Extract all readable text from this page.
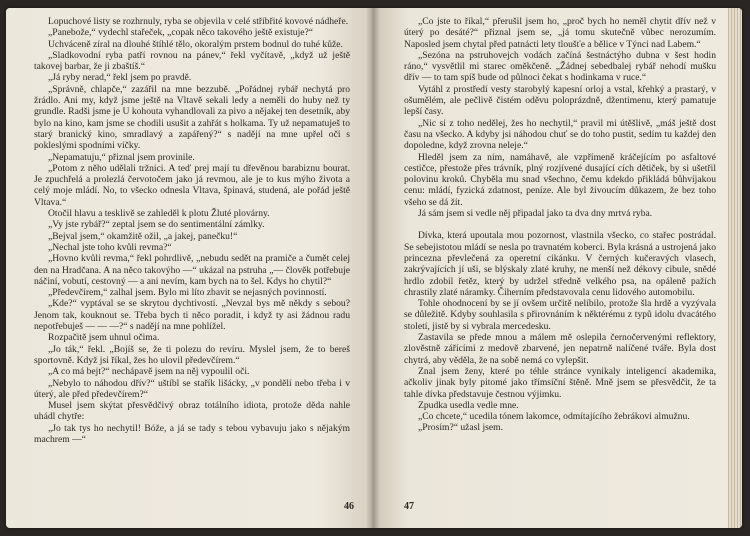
Lopuchové listy se rozhrnuly, ryba se objevila v celé stříbřité kovové nádheře.

„Panebože,“ vydechl stařeček, „copak něco takového ještě existuje?“

Uchváceně zíral na dlouhé štíhlé tělo, okoralým prstem bodnul do tuhé kůže.

„Sladkovodní ryba patří rovnou na pánev,“ řekl vyčítavě, „když už ještě takovej barbar, že ji zbaštíš.“

„Já ryby nerad,“ řekl jsem po pravdě.

„Správně, chlapče,“ zazářil na mne bezzubě. „Pořádnej rybář nechytá pro žrádlo. Ani my, když jsme ještě na Vltavě sekali ledy a neměli do huby než ty grundle. Radši jsme je U kohouta vyhandlovali za pivo a nějakej ten desetník, aby bylo na kino, kam jsme se chodili usušit a zahřát s holkama. Ty už nepamatuješ to starý branický kino, smradlavý a zapářený?“ s nadějí na mne upřel oči s pokleslými spodními víčky.

„Nepamatuju,“ přiznal jsem provinile.

„Potom z něho udělali tržnici. A teď prej mají tu dřevěnou barabiznu bourat. Je zpuchřelá a prolezlá červotočem jako já revmou, ale je to kus mýho života a celý moje mládí. No, to všecko odnesla Vltava, špinavá, studená, ale pořád ještě Vltava.“

Otočil hlavu a tesklivě se zahleděl k plotu Žluté plovárny.

„Vy jste rybář?“ zeptal jsem se do sentimentální zámlky.

„Bejval jsem,“ okamžitě ožil, „a jakej, panečku!“

„Nechal jste toho kvůli revma?“

„Hovno kvůli revma,“ řekl pohrdlivě, „nebudu sedět na pramiče a čumět celej den na Hradčana. A na něco takovýho —“ ukázal na pstruha „— člověk potřebuje náčiní, vobutí, cestovný — a ani nevím, kam bych na to šel. Kdys ho chytil?“

„Předevčírem,“ zalhal jsem. Bylo mi líto zbavit se nejasných povinností.

„Kde?“ vyptával se se skrytou dychtivostí. „Nevzal bys mě někdy s sebou? Jenom tak, kouknout se. Třeba bych ti něco poradit, i když ty asi žádnou radu nepotřebuješ — — —?“ s nadějí na mne pohlížel.

Rozpačitě jsem uhnul očima.

„Jo ták,“ řekl. „Bojíš se, že ti polezu do revíru. Myslel jsem, že to bereš sportovně. Když jsi říkal, žes ho ulovil předevčírem.“

„A co má bejt?“ nechápavě jsem na něj vypoulil oči.

„Nebylo to náhodou dřív?“ uštíbl se stařík lišácky, „v pondělí nebo třeba i v úterý, ale před předevčírem?“

Musel jsem skýtat přesvědčivý obraz totálního idiota, protože děda nahle uhádl chytře:

„Jo tak tys ho nechytil! Bóže, a já se tady s tebou vybavuju jako s nějakým machrem —“

46

„Co jste to říkal,“ přerušil jsem ho, „proč bych ho neměl chytit dřív než v úterý po desáté?“ přiznal jsem se, „já tomu skutečně vůbec nerozumím. Naposled jsem chytal před patnácti lety tloušťe a bělice v Týnci nad Labem.“

„Sezóna na pstruhovejch vodách začíná šestnáctýho dubna v šest hodin ráno,“ vysvětlil mi starec oměkčeně. „Žádnej sebedbalej rybář nehodí mušku dřív — to tam spíš bude od půlnoci čekat s hodinkama v ruce.“

Vytáhl z prostředí vesty starobylý kapesní orloj a vstal, křehký a prastarý, v ošumělém, ale pečlivě čistém oděvu poloprázdně, džentimenu, který pamatuje lepší časy.

„Nic si z toho nedělej, žes ho nechytil,“ pravil mi útěšlivě, „máš ještě dost času na všecko. A kdyby jsi náhodou chuť se do toho pustit, sedím tu každej den dopoledne, když zrovna neleje.“

Hleděl jsem za ním, namáhavě, ale vzpřímeně kráčejícím po asfaltové cestičce, přestože přes trávník, plný rozjívené dusající cích dětiček, by si ušetřil polovinu kroků. Chyběla mu snad všechno, čemu kdekdo přikládá bůhvíjakou cenu: mládí, fyzická zdatnost, peníze. Ale byl živoucím důkazem, že bez toho všeho se dá žít.

Já sám jsem si vedle něj připadal jako ta dva dny mrtvá ryba.

Dívka, která upoutala mou pozornost, vlastnila všecko, co stařec postrádal. Se sebejistotou mládí se nesla po travnatém koberci. Byla krásná a ustrojená jako princezna převlečená za operetní cikánku. V černých kučeravých vlasech, zakrývajících jí uši, se blýskaly zlaté kruhy, ne menší než dékovy cibule, snědé hrdlo zdobil řetěz, který by udržel středně velkého psa, na opáleně pažích chrastily zlaté náramky. Čiherním představovala cenu lidového automobilu.

Tohle ohodnocení by se jí ovšem určitě nelíbilo, protože šla hrdě a vyzývala se důležitě. Kdyby souhlasila s přirovnáním k něktérému z typů idolu dvacátého století, jistě by si vybrala mercedesku.

Zastavila se přede mnou a málem mě oslepila černočervenými reflektory, zlověstně zářícími z medově zbarvené, jen nepatrně nalíčené tváře. Byla dost chytrá, aby věděla, že na sobě nemá co vylepšit.

Znal jsem ženy, které po téhle stránce vynikaly inteligencí akademika, ačkoliv jinak byly pitomé jako třímsíční štěně. Mně jsem se přesvědčit, že ta tahle dívka představuje čestnou výjimku.

Zpudka usedla vedle mne.

„Co chcete,“ ucedila tónem lakomce, odmítajícího žebrákovi almužnu.

„Prosím?“ užasl jsem.

47
